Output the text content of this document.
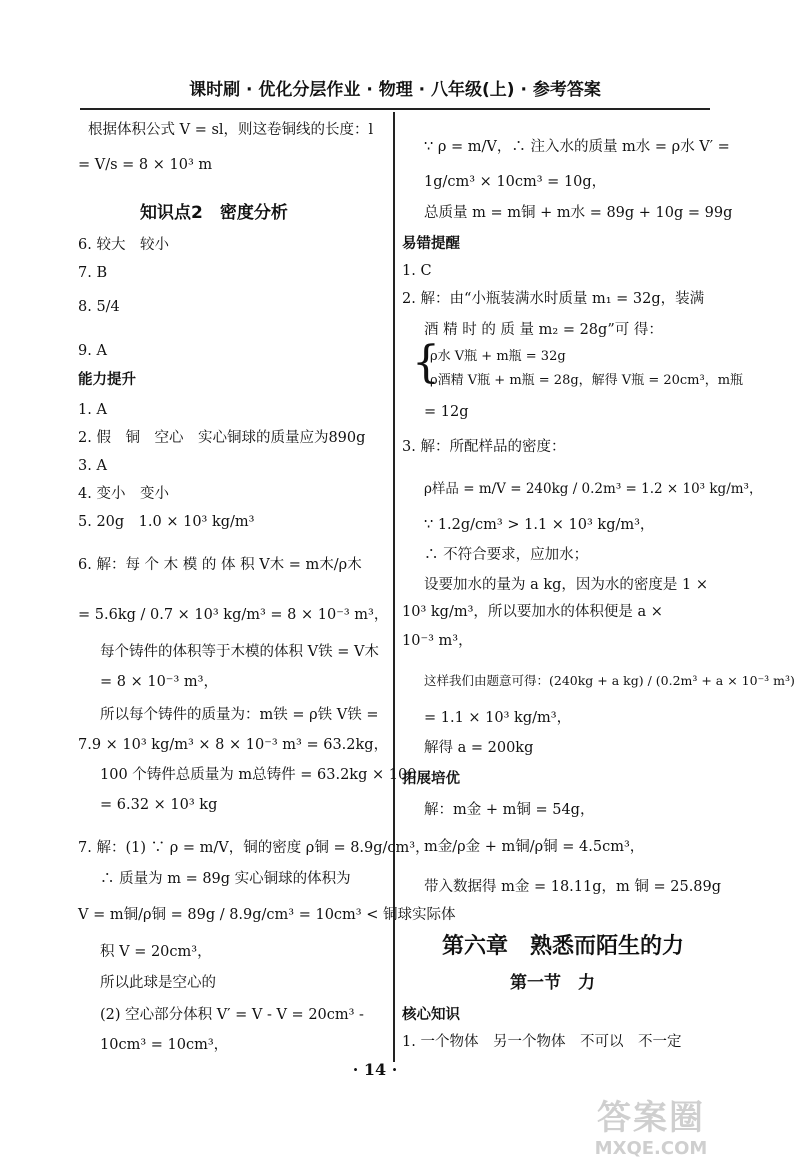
课时刷 · 优化分层作业 · 物理 · 八年级(上) · 参考答案
根据体积公式 V = sl，则这卷铜线的长度：l
= V/s = 8 × 10³ m
知识点2　密度分析
6. 较大　较小
7. B
8. 5/4
9. A
能力提升
1. A
2. 假　铜　空心　实心铜球的质量应为890g
3. A
4. 变小　变小
5. 20g　1.0 × 10³ kg/m³
6. 解：每 个 木 模 的 体 积 V木 = m木/ρ木
= 5.6kg / 0.7 × 10³ kg/m³ = 8 × 10⁻³ m³，
每个铸件的体积等于木模的体积 V铁 = V木
= 8 × 10⁻³ m³，
所以每个铸件的质量为：m铁 = ρ铁 V铁 =
7.9 × 10³ kg/m³ × 8 × 10⁻³ m³ = 63.2kg，
100 个铸件总质量为 m总铸件 = 63.2kg × 100
= 6.32 × 10³ kg
7. 解：(1) ∵ ρ = m/V，铜的密度 ρ铜 = 8.9g/cm³，
∴ 质量为 m = 89g 实心铜球的体积为
V = m铜/ρ铜 = 89g / 8.9g/cm³ = 10cm³ < 铜球实际体
积 V = 20cm³，
所以此球是空心的
(2) 空心部分体积 V′ = V - V = 20cm³ -
10cm³ = 10cm³，
∵ ρ = m/V，∴ 注入水的质量 m水 = ρ水 V′ =
1g/cm³ × 10cm³ = 10g，
总质量 m = m铜 + m水 = 89g + 10g = 99g
易错提醒
1. C
2. 解：由“小瓶装满水时质量 m₁ = 32g，装满
酒 精 时 的 质 量 m₂ = 28g”可 得：
{
ρ水 V瓶 + m瓶 = 32g
ρ酒精 V瓶 + m瓶 = 28g，解得 V瓶 = 20cm³，m瓶
= 12g
3. 解：所配样品的密度：
ρ样品 = m/V = 240kg / 0.2m³ = 1.2 × 10³ kg/m³，
∵ 1.2g/cm³ > 1.1 × 10³ kg/m³，
∴ 不符合要求，应加水；
设要加水的量为 a kg，因为水的密度是 1 ×
10³ kg/m³，所以要加水的体积便是 a ×
10⁻³ m³，
这样我们由题意可得：(240kg + a kg) / (0.2m³ + a × 10⁻³ m³)
= 1.1 × 10³ kg/m³，
解得 a = 200kg
拓展培优
解：m金 + m铜 = 54g，
m金/ρ金 + m铜/ρ铜 = 4.5cm³，
带入数据得 m金 = 18.11g，m 铜 = 25.89g
第六章　熟悉而陌生的力
第一节　力
核心知识
1. 一个物体　另一个物体　不可以　不一定
· 14 ·
答案圈
MXQE.COM
